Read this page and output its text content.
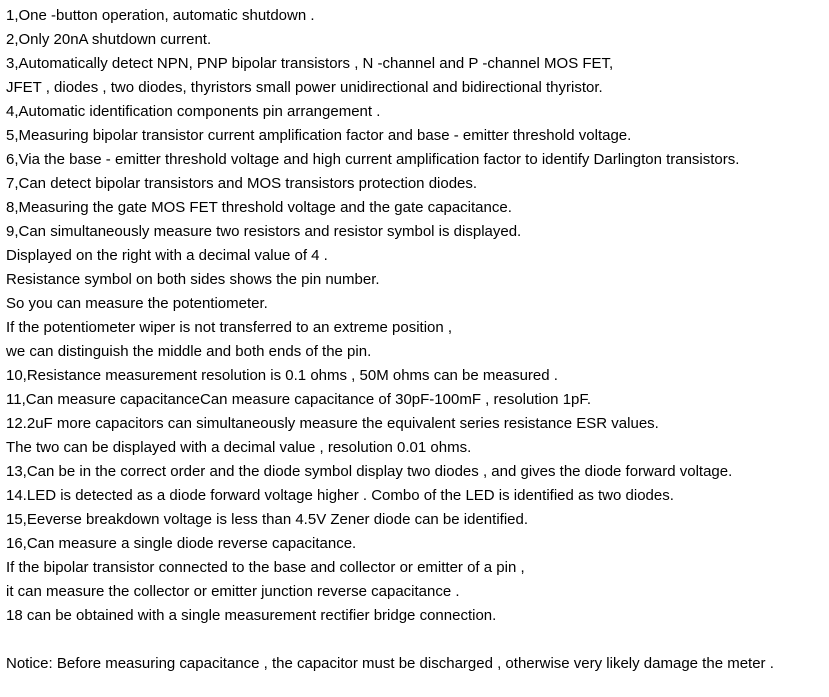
1,One -button operation, automatic shutdown .
2,Only 20nA shutdown current.
3,Automatically detect NPN, PNP bipolar transistors , N -channel and P -channel MOS FET,
JFET , diodes , two diodes, thyristors small power unidirectional and bidirectional thyristor.
4,Automatic identification components pin arrangement .
5,Measuring bipolar transistor current amplification factor and base - emitter threshold voltage.
6,Via the base - emitter threshold voltage and high current amplification factor to identify Darlington transistors.
7,Can detect bipolar transistors and MOS transistors protection diodes.
8,Measuring the gate MOS FET threshold voltage and the gate capacitance.
9,Can simultaneously measure two resistors and resistor symbol is displayed.
Displayed on the right with a decimal value of 4 .
Resistance symbol on both sides shows the pin number.
So you can measure the potentiometer.
If the potentiometer wiper is not transferred to an extreme position ,
we can distinguish the middle and both ends of the pin.
10,Resistance measurement resolution is 0.1 ohms , 50M ohms can be measured .
11,Can measure capacitanceCan measure capacitance of 30pF-100mF , resolution 1pF.
12.2uF more capacitors can simultaneously measure the equivalent series resistance ESR values.
The two can be displayed with a decimal value , resolution 0.01 ohms.
13,Can be in the correct order and the diode symbol display two diodes , and gives the diode forward voltage.
14.LED is detected as a diode forward voltage higher . Combo of the LED is identified as two diodes.
15,Eeverse breakdown voltage is less than 4.5V Zener diode can be identified.
16,Can measure a single diode reverse capacitance.
If the bipolar transistor connected to the base and collector or emitter of a pin ,
it can measure the collector or emitter junction reverse capacitance .
18 can be obtained with a single measurement rectifier bridge connection.
Notice: Before measuring capacitance , the capacitor must be discharged , otherwise very likely damage the meter .
